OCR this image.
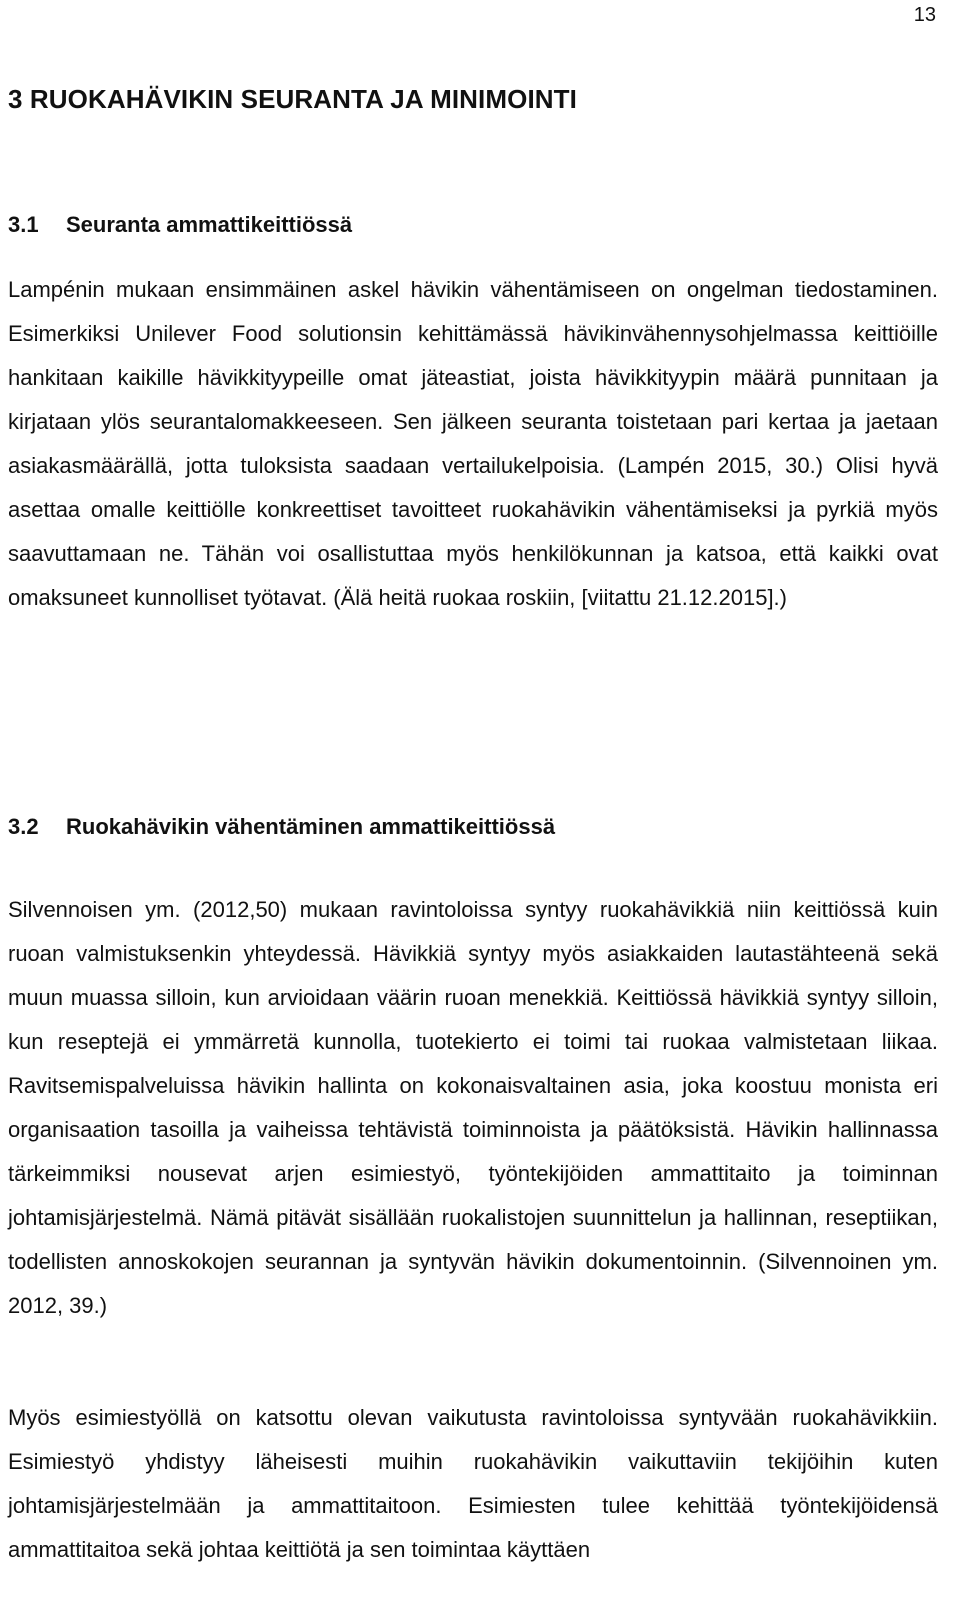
13
3 RUOKAHÄVIKIN SEURANTA JA MINIMOINTI
3.1 Seuranta ammattikeittiössä

Lampénin mukaan ensimmäinen askel hävikin vähentämiseen on ongelman tiedostaminen. Esimerkiksi Unilever Food solutionsin kehittämässä hävikinvähennysohjelmassa keittiöille hankitaan kaikille hävikkityypeille omat jäteastiat, joista hävikkityypin määrä punnitaan ja kirjataan ylös seurantalomakkeeseen. Sen jälkeen seuranta toistetaan pari kertaa ja jaetaan asiakasmäärällä, jotta tuloksista saadaan vertailukelpoisia. (Lampén 2015, 30.) Olisi hyvä asettaa omalle keittiölle konkreettiset tavoitteet ruokahävikin vähentämiseksi ja pyrkiä myös saavuttamaan ne. Tähän voi osallistuttaa myös henkilökunnan ja katsoa, että kaikki ovat omaksuneet kunnolliset työtavat. (Älä heitä ruokaa roskiin, [viitattu 21.12.2015].)

3.2 Ruokahävikin vähentäminen ammattikeittiössä

Silvennoisen ym. (2012,50) mukaan ravintoloissa syntyy ruokahävikkiä niin keittiössä kuin ruoan valmistuksenkin yhteydessä. Hävikkiä syntyy myös asiakkaiden lautastähteenä sekä muun muassa silloin, kun arvioidaan väärin ruoan menekkiä. Keittiössä hävikkiä syntyy silloin, kun reseptejä ei ymmärretä kunnolla, tuotekierto ei toimi tai ruokaa valmistetaan liikaa. Ravitsemispalveluissa hävikin hallinta on kokonaisvaltainen asia, joka koostuu monista eri organisaation tasoilla ja vaiheissa tehtävistä toiminnoista ja päätöksistä. Hävikin hallinnassa tärkeimmiksi nousevat arjen esimiestyö, työntekijöiden ammattitaito ja toiminnan johtamisjärjestelmä. Nämä pitävät sisällään ruokalistojen suunnittelun ja hallinnan, reseptiikan, todellisten annoskokojen seurannan ja syntyvän hävikin dokumentoinnin. (Silvennoinen ym. 2012, 39.)

Myös esimiestyöllä on katsottu olevan vaikutusta ravintoloissa syntyvään ruokahävikkiin. Esimiestyö yhdistyy läheisesti muihin ruokahävikin vaikuttaviin tekijöihin kuten johtamisjärjestelmään ja ammattitaitoon. Esimiesten tulee kehittää työntekijöidensä ammattitaitoa sekä johtaa keittiötä ja sen toimintaa käyttäen
